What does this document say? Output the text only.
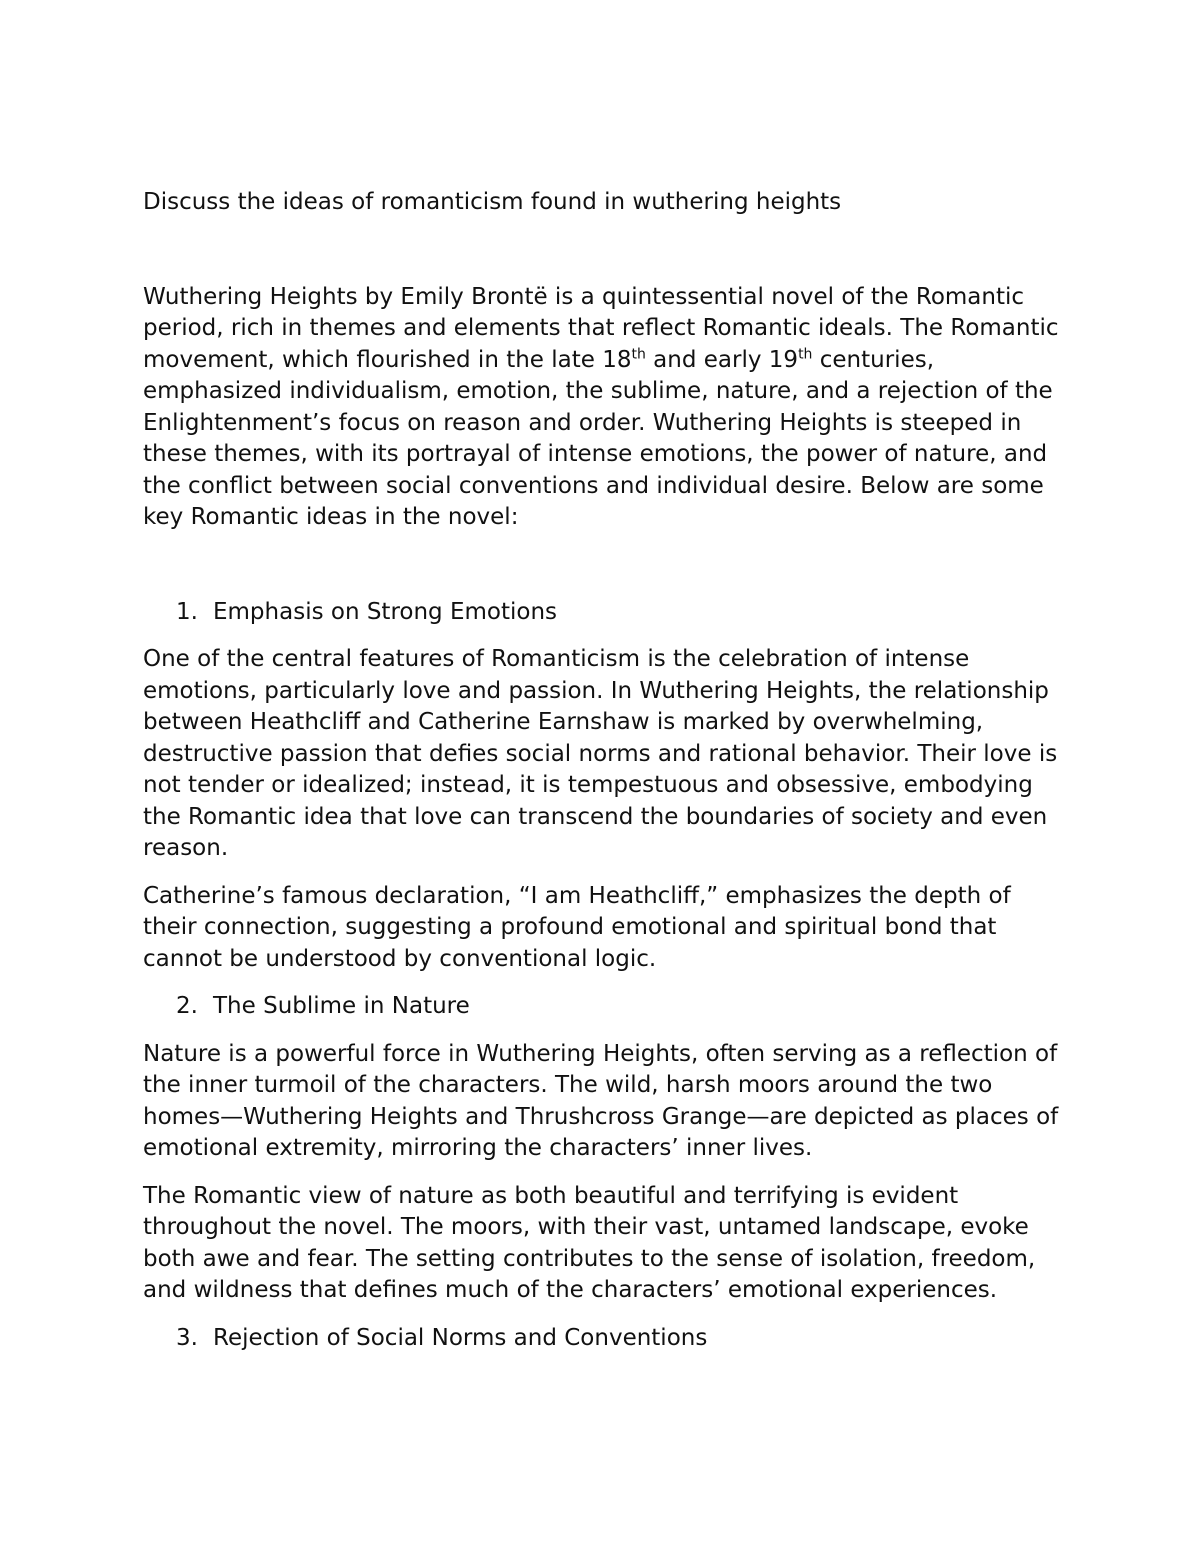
Discuss the ideas of romanticism found in wuthering heights

Wuthering Heights by Emily Brontë is a quintessential novel of the Romantic period, rich in themes and elements that reflect Romantic ideals. The Romantic movement, which flourished in the late 18th and early 19th centuries, emphasized individualism, emotion, the sublime, nature, and a rejection of the Enlightenment’s focus on reason and order. Wuthering Heights is steeped in these themes, with its portrayal of intense emotions, the power of nature, and the conflict between social conventions and individual desire. Below are some key Romantic ideas in the novel:

1. Emphasis on Strong Emotions

One of the central features of Romanticism is the celebration of intense emotions, particularly love and passion. In Wuthering Heights, the relationship between Heathcliff and Catherine Earnshaw is marked by overwhelming, destructive passion that defies social norms and rational behavior. Their love is not tender or idealized; instead, it is tempestuous and obsessive, embodying the Romantic idea that love can transcend the boundaries of society and even reason.

Catherine’s famous declaration, “I am Heathcliff,” emphasizes the depth of their connection, suggesting a profound emotional and spiritual bond that cannot be understood by conventional logic.

2. The Sublime in Nature

Nature is a powerful force in Wuthering Heights, often serving as a reflection of the inner turmoil of the characters. The wild, harsh moors around the two homes—Wuthering Heights and Thrushcross Grange—are depicted as places of emotional extremity, mirroring the characters’ inner lives.

The Romantic view of nature as both beautiful and terrifying is evident throughout the novel. The moors, with their vast, untamed landscape, evoke both awe and fear. The setting contributes to the sense of isolation, freedom, and wildness that defines much of the characters’ emotional experiences.

3. Rejection of Social Norms and Conventions
